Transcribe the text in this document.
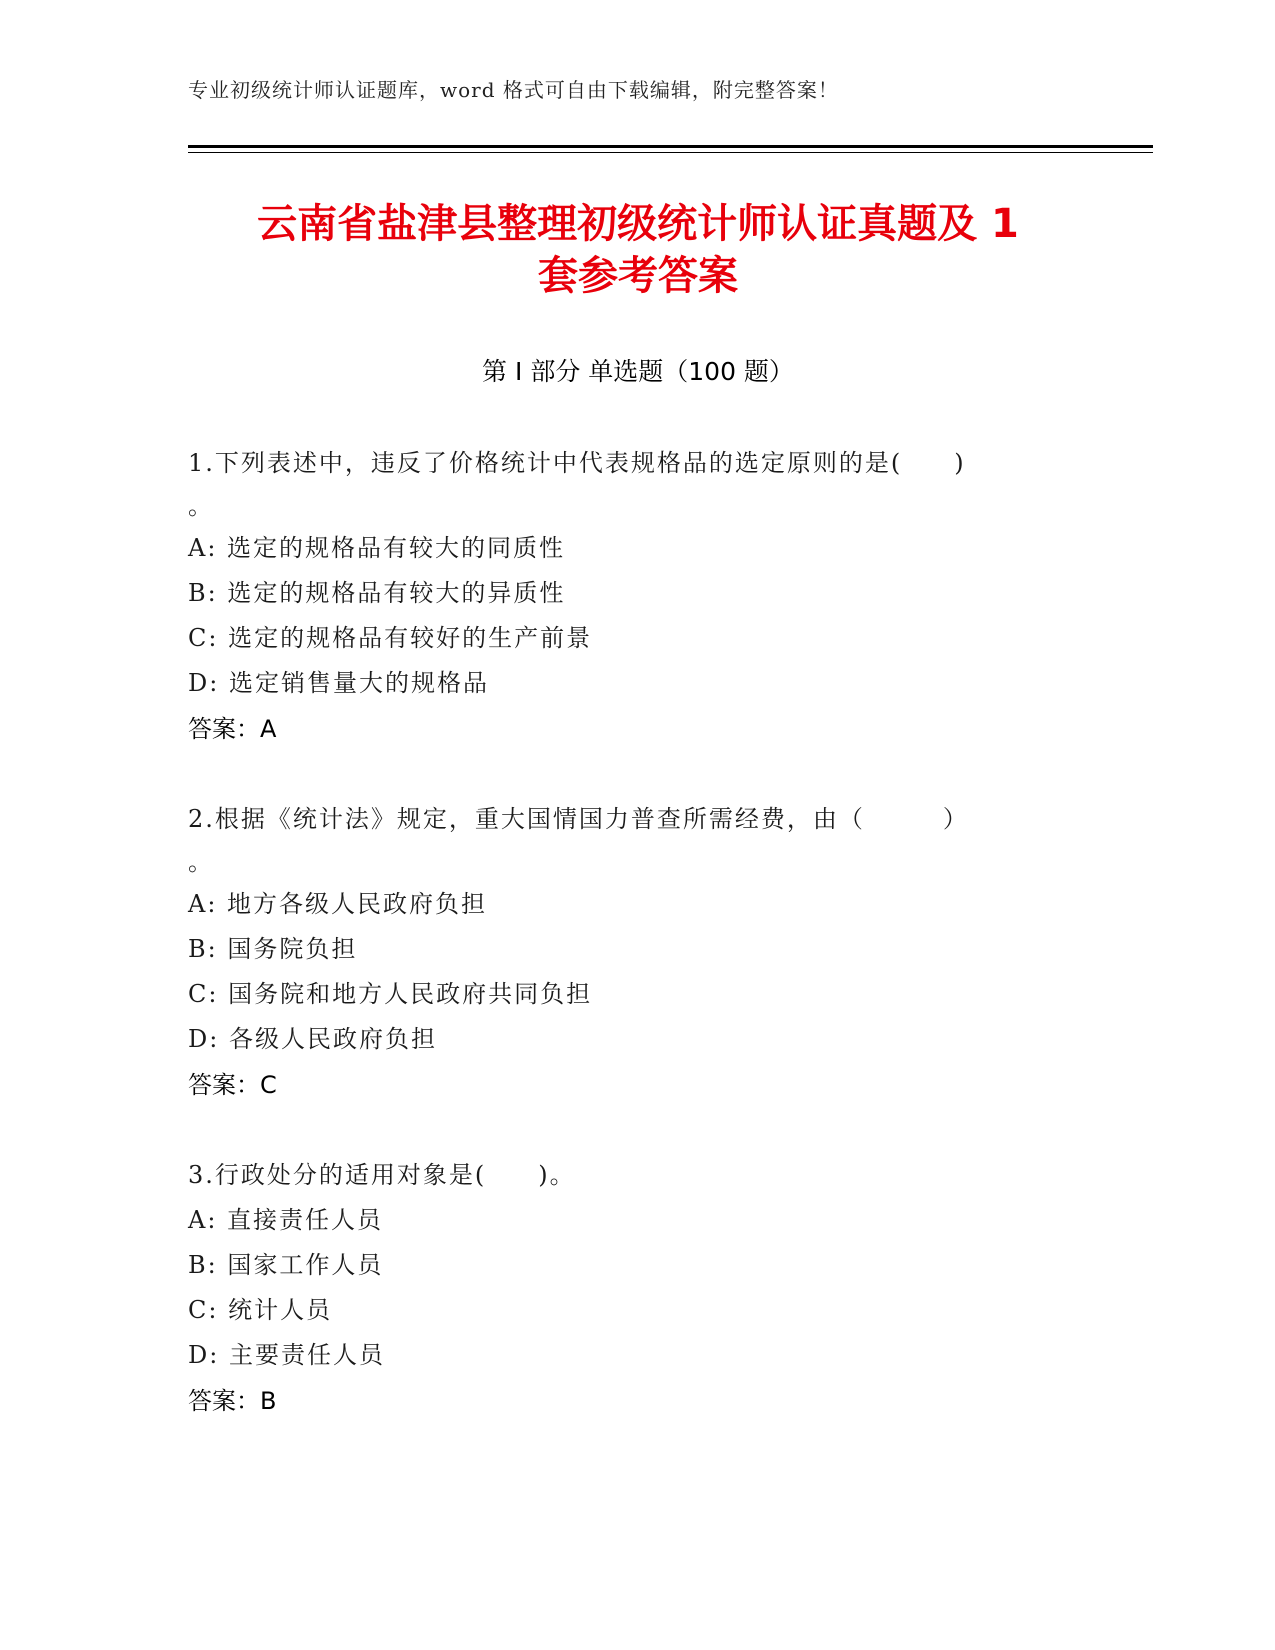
专业初级统计师认证题库，word 格式可自由下载编辑，附完整答案！
云南省盐津县整理初级统计师认证真题及 1
套参考答案
第 I 部分 单选题（100 题）
1.下列表述中，违反了价格统计中代表规格品的选定原则的是(　　)
。
A: 选定的规格品有较大的同质性
B: 选定的规格品有较大的异质性
C: 选定的规格品有较好的生产前景
D: 选定销售量大的规格品
答案：A
2.根据《统计法》规定，重大国情国力普查所需经费，由（　　　）
。
A: 地方各级人民政府负担
B: 国务院负担
C: 国务院和地方人民政府共同负担
D: 各级人民政府负担
答案：C
3.行政处分的适用对象是(　　)。
A: 直接责任人员
B: 国家工作人员
C: 统计人员
D: 主要责任人员
答案：B
